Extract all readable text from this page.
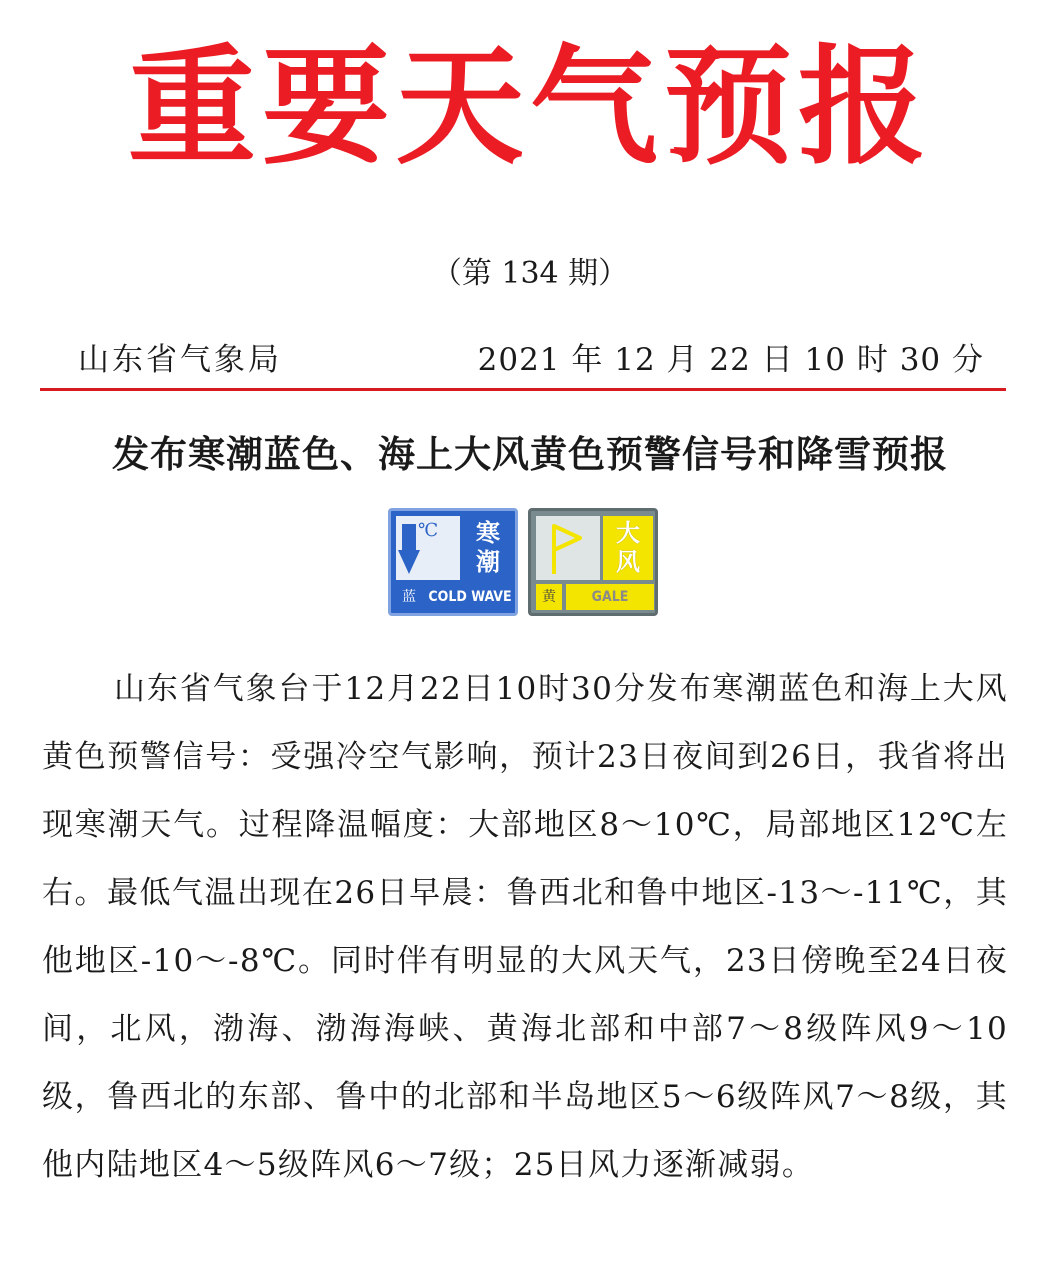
重要天气预报
（第 134 期）
山东省气象局	2021 年 12 月 22 日 10 时 30 分
发布寒潮蓝色、海上大风黄色预警信号和降雪预报
℃ 寒
潮
蓝 COLD WAVE
大
风
黄	GALE

山东省气象台于12月22日10时30分发布寒潮蓝色和海上大风黄色预警信号：受强冷空气影响，预计23日夜间到26日，我省将出现寒潮天气。过程降温幅度：大部地区8～10℃，局部地区12℃左右。最低气温出现在26日早晨：鲁西北和鲁中地区-13～-11℃，其他地区-10～-8℃。同时伴有明显的大风天气，23日傍晚至24日夜间，北风，渤海、渤海海峡、黄海北部和中部7～8级阵风9～10级，鲁西北的东部、鲁中的北部和半岛地区5～6级阵风7～8级，其他内陆地区4～5级阵风6～7级；25日风力逐渐减弱。
